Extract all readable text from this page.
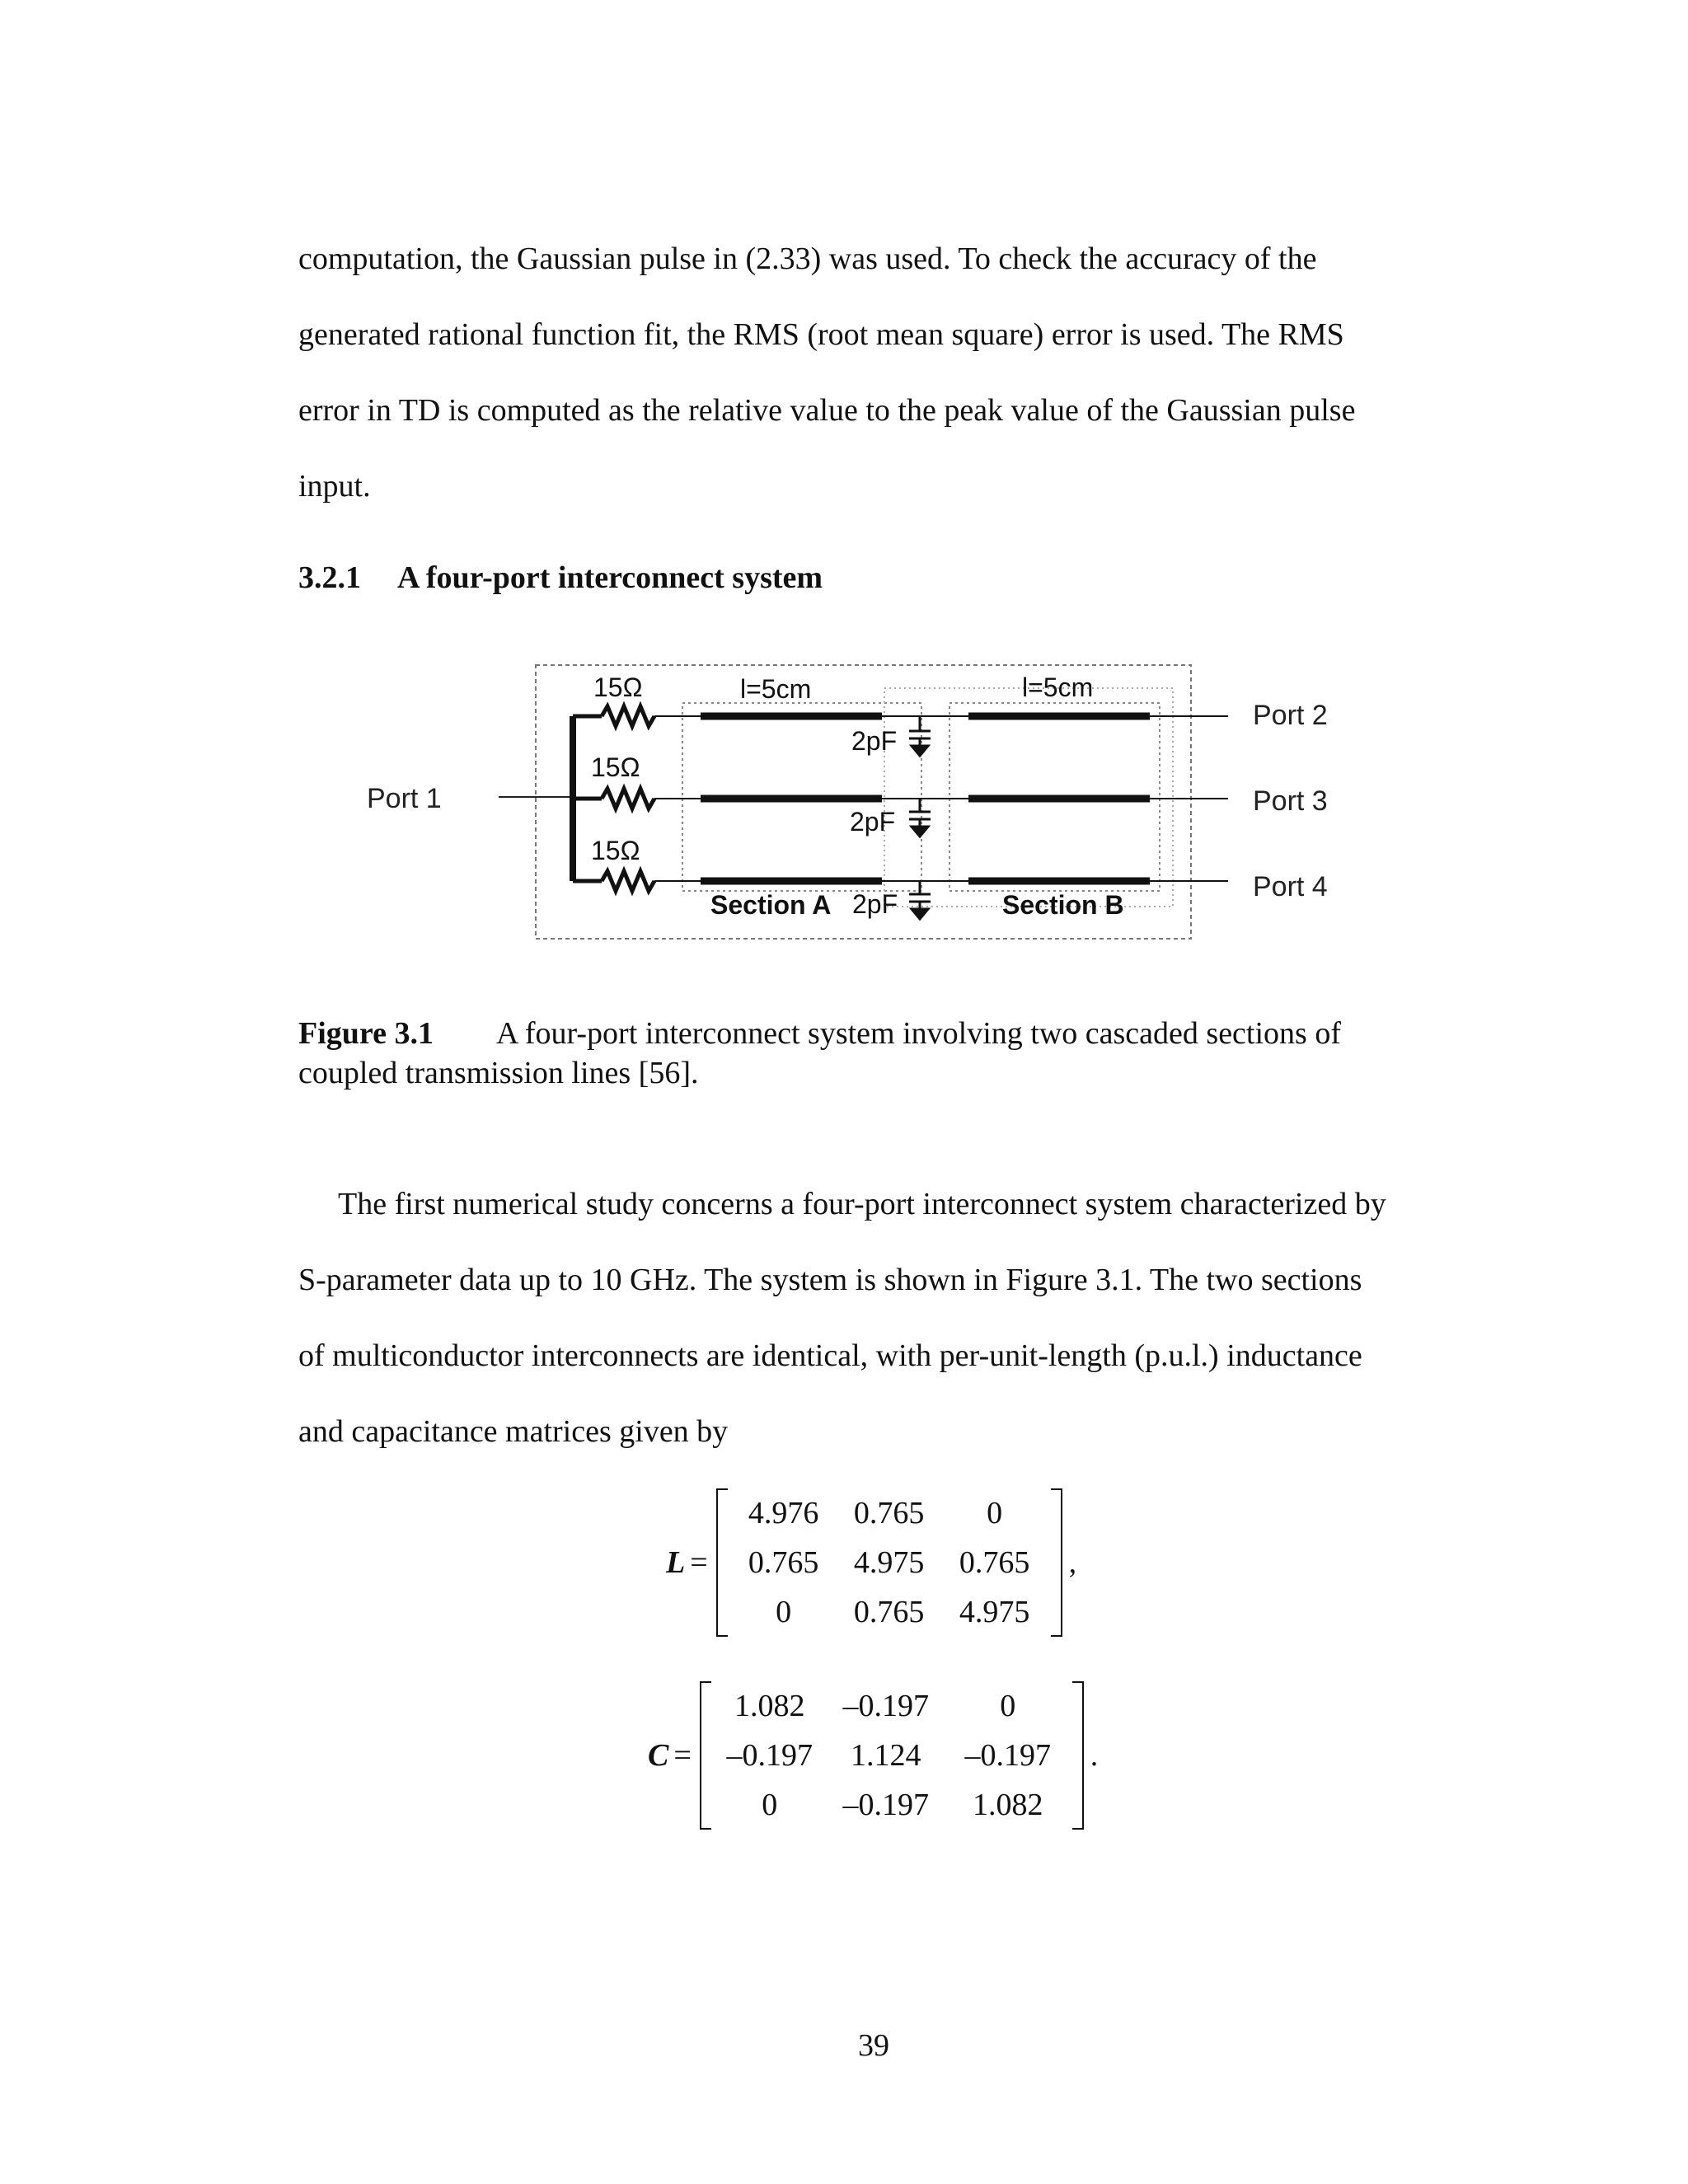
computation, the Gaussian pulse in (2.33) was used. To check the accuracy of the
generated rational function fit, the RMS (root mean square) error is used. The RMS
error in TD is computed as the relative value to the peak value of the Gaussian pulse
input.
3.2.1 A four-port interconnect system
Port 1
Port 2
Port 3
Port 4
15Ω
15Ω
15Ω
l=5cm	l=5cm
2pF
2pF
2pF
Section A	Section B

Figure 3.1 A four-port interconnect system involving two cascaded sections of
coupled transmission lines [56].

The first numerical study concerns a four-port interconnect system characterized by
S-parameter data up to 10 GHz. The system is shown in Figure 3.1. The two sections
of multiconductor interconnects are identical, with per-unit-length (p.u.l.) inductance
and capacitance matrices given by
L =
4.976	0.765	0
0.765	4.975	0.765
0	0.765	4.975
,
C =
1.082	–0.197	0
–0.197	1.124	–0.197
0	–0.197	1.082
.
39
